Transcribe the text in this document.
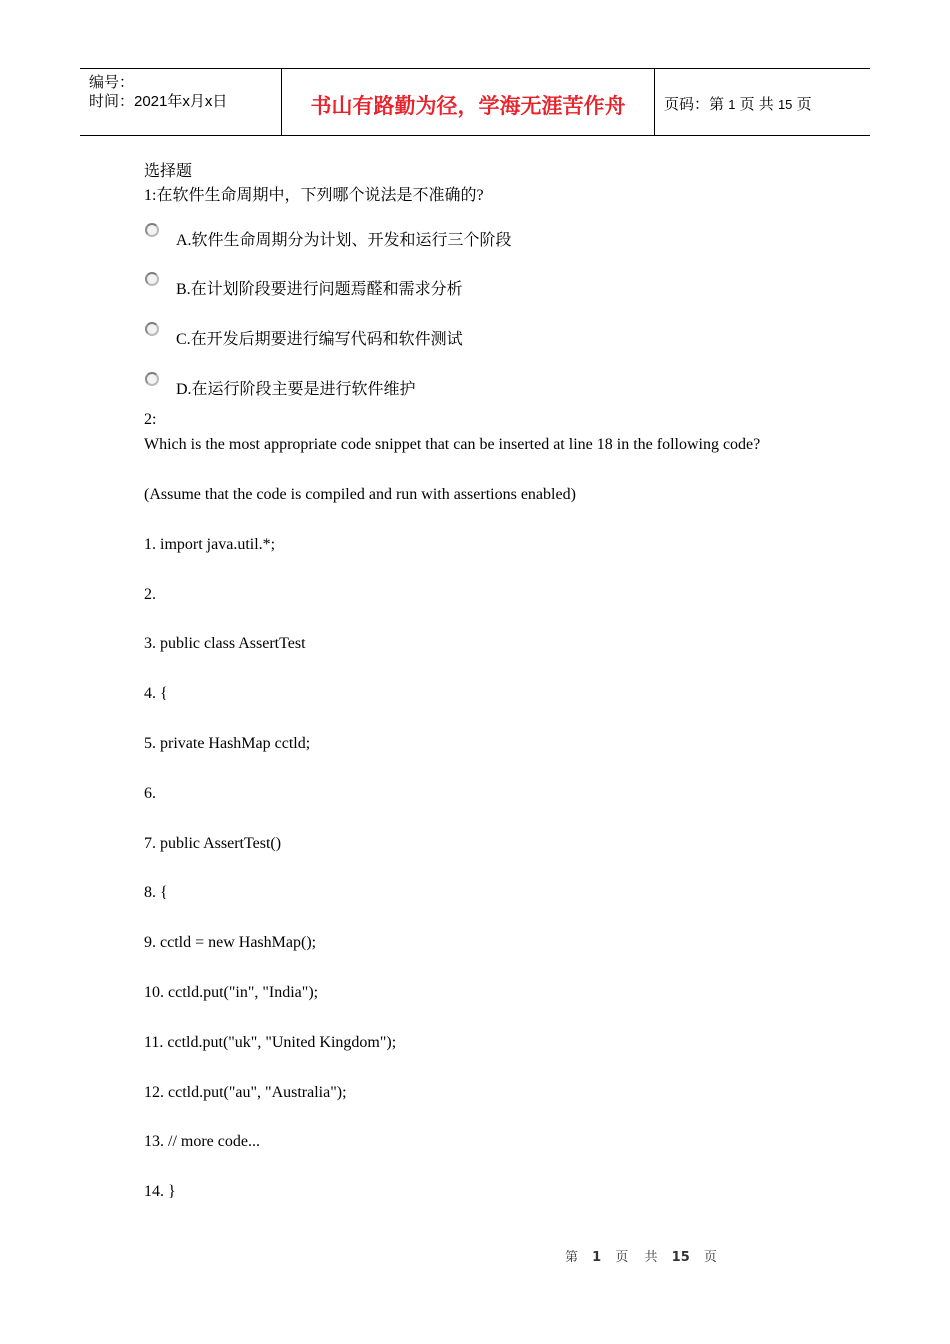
编号：
时间：2021年x月x日	书山有路勤为径，学海无涯苦作舟	页码：第 1 页 共 15 页
选择题
1:在软件生命周期中，下列哪个说法是不准确的?
A.软件生命周期分为计划、开发和运行三个阶段
B.在计划阶段要进行问题焉醛和需求分析
C.在开发后期要进行编写代码和软件测试
D.在运行阶段主要是进行软件维护
2:
Which is the most appropriate code snippet that can be inserted at line 18 in the following code?
(Assume that the code is compiled and run with assertions enabled)
1. import java.util.*;
2.
3. public class AssertTest
4. {
5. private HashMap cctld;
6.
7. public AssertTest()
8. {
9. cctld = new HashMap();
10. cctld.put("in", "India");
11. cctld.put("uk", "United Kingdom");
12. cctld.put("au", "Australia");
13. // more code...
14. }
第 1 页 共 15 页
